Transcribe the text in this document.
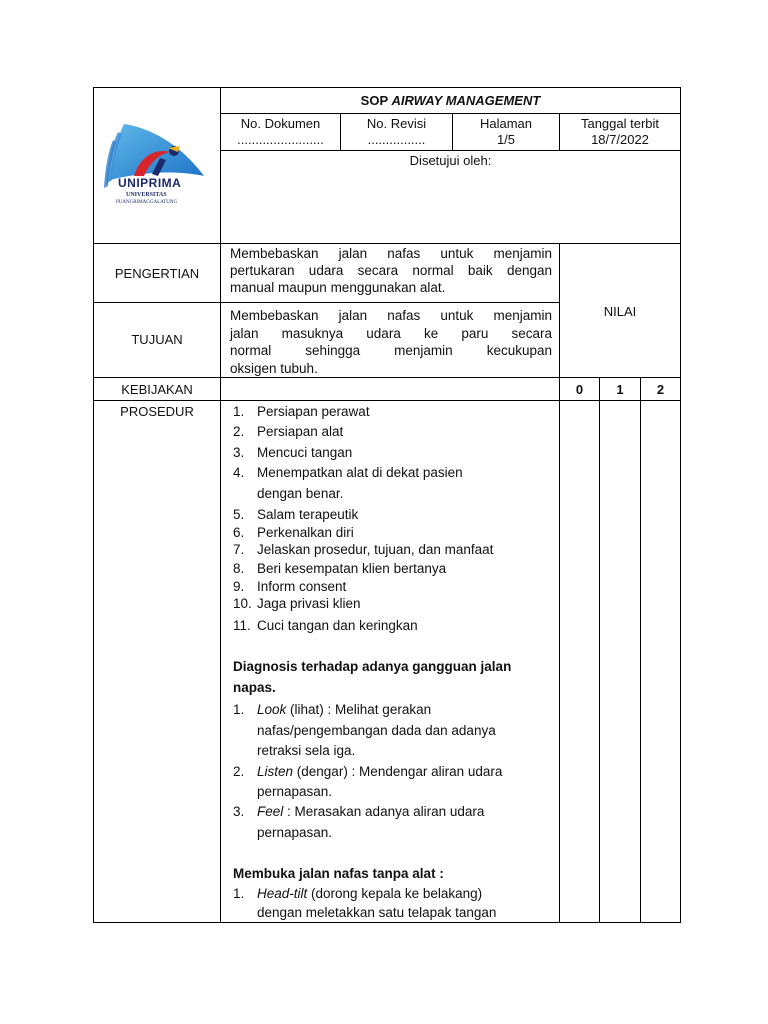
UNIPRIMA
UNIVERSITAS
PUANGRIMAGGALATUNG
SOP AIRWAY MANAGEMENT
No. Dokumen
........................
No. Revisi
................
Halaman
1/5
Tanggal terbit
18/7/2022
Disetujui oleh:
PENGERTIAN
TUJUAN
KEBIJAKAN
PROSEDUR
NILAI
0	1	2
Membebaskan jalan nafas untuk menjamin
pertukaran udara secara normal baik dengan
manual maupun menggunakan alat.
Membebaskan jalan nafas untuk menjamin
jalan masuknya udara ke paru secara
normal sehingga menjamin kecukupan
oksigen tubuh.
1. Persiapan perawat
2. Persiapan alat
3. Mencuci tangan
4. Menempatkan alat di dekat pasien
dengan benar.
5. Salam terapeutik
6. Perkenalkan diri
7. Jelaskan prosedur, tujuan, dan manfaat
8. Beri kesempatan klien bertanya
9. Inform consent
10. Jaga privasi klien
11. Cuci tangan dan keringkan
Diagnosis terhadap adanya gangguan jalan
napas.
1. Look (lihat) : Melihat gerakan
nafas/pengembangan dada dan adanya
retraksi sela iga.
2. Listen (dengar) : Mendengar aliran udara
pernapasan.
3. Feel : Merasakan adanya aliran udara
pernapasan.
Membuka jalan nafas tanpa alat :
1. Head-tilt (dorong kepala ke belakang)
dengan meletakkan satu telapak tangan
